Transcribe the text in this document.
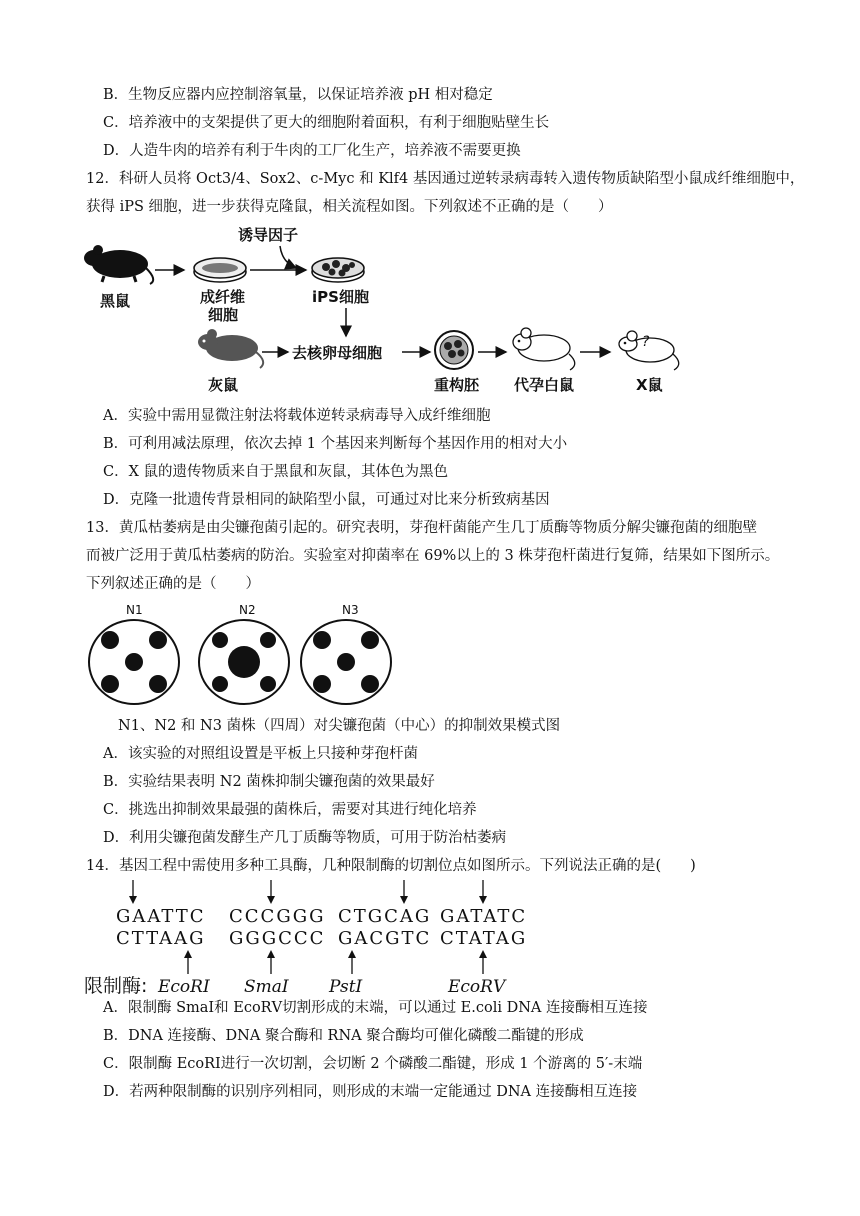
B．生物反应器内应控制溶氧量，以保证培养液 pH 相对稳定
C．培养液中的支架提供了更大的细胞附着面积，有利于细胞贴壁生长
D．人造牛肉的培养有利于牛肉的工厂化生产，培养液不需要更换
12．科研人员将 Oct3/4、Sox2、c-Myc 和 Klf4 基因通过逆转录病毒转入遗传物质缺陷型小鼠成纤维细胞中，
获得 iPS 细胞，进一步获得克隆鼠，相关流程如图。下列叙述不正确的是（　　）
黑鼠	成纤维
细胞
诱导因子
iPS细胞
灰鼠
去核卵母细胞
重构胚 代孕白鼠
?
X鼠
A．实验中需用显微注射法将载体逆转录病毒导入成纤维细胞
B．可利用减法原理，依次去掉 1 个基因来判断每个基因作用的相对大小
C．X 鼠的遗传物质来自于黑鼠和灰鼠，其体色为黑色
D．克隆一批遗传背景相同的缺陷型小鼠，可通过对比来分析致病基因
13．黄瓜枯萎病是由尖镰孢菌引起的。研究表明，芽孢杆菌能产生几丁质酶等物质分解尖镰孢菌的细胞壁
而被广泛用于黄瓜枯萎病的防治。实验室对抑菌率在 69%以上的 3 株芽孢杆菌进行复筛，结果如下图所示。
下列叙述正确的是（　　）
N1	N2	N3
N1、N2 和 N3 菌株（四周）对尖镰孢菌（中心）的抑制效果模式图
A．该实验的对照组设置是平板上只接种芽孢杆菌
B．实验结果表明 N2 菌株抑制尖镰孢菌的效果最好
C．挑选出抑制效果最强的菌株后，需要对其进行纯化培养
D．利用尖镰孢菌发酵生产几丁质酶等物质，可用于防治枯萎病
14．基因工程中需使用多种工具酶，几种限制酶的切割位点如图所示。下列说法正确的是(　　)
GAATTC CCCGGG CTGCAG GATATC
CTTAAG GGGCCC GACGTC CTATAG
限制酶: EcoRⅠ SmaⅠ PstⅠ	EcoRⅤ
A．限制酶 SmaⅠ和 EcoRⅤ切割形成的末端，可以通过 E.coli DNA 连接酶相互连接
B．DNA 连接酶、DNA 聚合酶和 RNA 聚合酶均可催化磷酸二酯键的形成
C．限制酶 EcoRⅠ进行一次切割，会切断 2 个磷酸二酯键，形成 1 个游离的 5′-末端
D．若两种限制酶的识别序列相同，则形成的末端一定能通过 DNA 连接酶相互连接
